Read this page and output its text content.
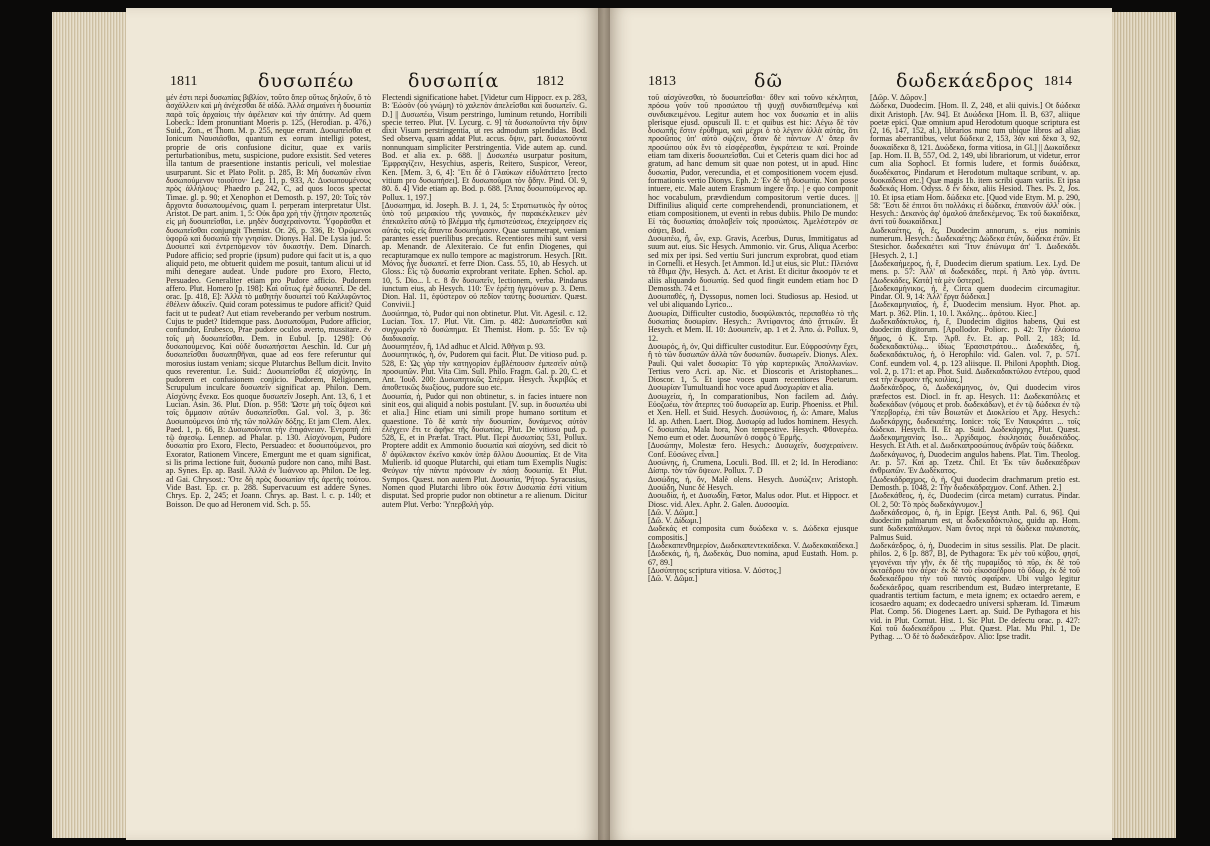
1811	δυσωπέω	δυσωπία	1812

μέν ἐστι περὶ δυσωπίας βιβλίον, τοῦτο ὅπερ οὕτως δηλοῦν, ὅ τὸ ἀσχάλλειν καὶ μὴ ἀνέχεσθαι δὲ αἰδῶ. Ἀλλὰ σημαίνει ἡ δυσωπία παρὰ τοῖς ἀρχαίοις τὴν ἀφέλειαν καὶ τὴν ἀπάτην. Ad quem Lobeck.: Idem pronuntiant Moeris p. 125, (Herodian. p. 476,) Suid., Zon., et Thom. M. p. 255, neque errant. Δυσωπεῖσθαι et Ionicum Ναυσιᾶσθαι, quantum ex eorum intelligi potest, proprie de oris confusione dicitur, quae ex variis perturbationibus, metu, suspicione, pudore exsistit. Sed veteres illa tantum de praesentione instantis periculi, vel molestiae usurparunt. Sic et Plato Polit. p. 285, B: Μὴ δυσωπῶν εἶναι δυσωπούμενον τοιοῦτον· Leg. 11, p. 933, A: Δυσωπουμένους πρὸς ἀλλήλους· Phaedro p. 242, C, ad quos locos spectat Timae. gl. p. 90; et Xenophon et Demosth. p. 197, 20: Τοῖς τὸν ἄρχοντα δυσωπουμένοις, quam I. perperam interpretatur Ulst. Aristot. De part. anim. 1, 5: Οὐκ ἄρα χρὴ τὴν ζήτησιν προπετῶς εἰς μὴ δυσωπεῖσθαι, i.e. μηδὲν δυσχεραίνοντα. Ὑφορᾶσθαι et δυσωπεῖσθαι conjungit Themist. Or. 26, p. 336, B: Ὁρώμενοι ὑφορῶ καὶ δυσωπῶ τὴν γνησίαν. Dionys. Hal. De Lysia jud. 5: Δυσωπεῖ καὶ ἐντρεπόμενον τὸν δικαστὴν. Dem. Dinarch. Pudore afficio; sed proprie (ipsum) pudore qui facit ut is, a quo aliquid peto, me obtuerit quidem me posuit, tantum alicui ut id mihi denegare audeat. Unde pudore pro Exoro, Flecto, Persuadeo. Generaliter etiam pro Pudore afficio. Pudorem affero. Plut. Homero [p. 198]: Καὶ οὕτως ἐμὲ δυσωπεῖ. De del. orac. [p. 418, E]: Ἀλλὰ τὸ μαθητὴν δυσωπεῖ τοῦ Καλλιφῶντος ἐθέλειν ἀδικεῖν. Quid coram potessimus te pudore afficit? Quid facit ut te pudeat? Aut etiam reveberando per verbum nostrum. Cujus te pudet? Itidemque pass. Δυσωποῦμαι, Pudore afficior, confundor, Erubesco, Prae pudore oculos averto, mussitare. ἐν τοῖς μὴ δυσωπεῖσθαι. Dem. in Eubul. [p. 1298]: Οὐ δυσωπούμενος. Καὶ οὐδὲ δυσωπήσεται Aeschin. Id. Cur μὴ δυσωπεῖσθαι δυσωπηθῆναι, quae ad eos fere referuntur qui morosius iustam veniam; sicque Plutarchus Bellum dicit. Invito quos reverentur. I.e. Suid.: Δυσωπεῖσθαι ἐξ αἰσχύνης. In pudorem et confusionem conjicio. Pudorem, Religionem, Scrupulum inculcare δυσωπεῖν significat ap. Philon. Dem. Αἰσχύνης ἕνεκα. Eos quoque δυσωπεῖν Joseph. Ant. 13, 6, 1 et Lucian. Asin. 36. Plut. Dion. p. 958: Ὥστε μὴ τοῖς ὄψεσι καὶ τοῖς ὄμμασιν αὐτῶν δυσωπεῖσθαι. Gal. vol. 3, p. 36: Δυσωπούμενοι ὑπὸ τῆς τῶν πολλῶν δόξης. Et jam Clem. Alex. Paed. 1, p. 66, B: Δυσωποῦνται τὴν ἐπιφάνειαν. Ἐντροπὴ ἐπὶ τῷ ἀφεσίῳ. Lennep. ad Phalar. p. 130. Αἰσχύνομαι, Pudore δυσωπία pro Exoro, Flecto, Persuadeo: et δυσωπούμενοι, pro Exorator, Rationem Vincere, Emergunt me et quam significat, si lis prima lectione fuit, δυσωπῶ pudore non cano, mihi Bast. ap. Synes. Ep. ap. Basil. Ἀλλὰ ἐν Ἰωάννου ap. Philon. De leg. ad Gai. Chrysost.: Ὅτε δὴ πρὸς δυσωπίαν τῆς ἀρετῆς τούτου. Vide Bast. Ep. cr. p. 288. Supervacuum est addere Synes. Chrys. Ep. 2, 245; et Joann. Chrys. ap. Bast. l. c. p. 140; et Boisson. De quo ad Heronem vid. Sch. p. 55.

Flectendi significatione habet. [Videtur cum Hippocr. ex p. 283, B: Ἑὼσὸν (οὐ γνώμη) τὸ χαλεπὸν ἀπελεῖσθαι καὶ δυσωπεῖν. G. D.] || Δυσωπέω, Visum perstringo, luminum retundo, Horribili specie terreo. Plut. [V. Lycurg. c. 9] τὰ δυσωποῦντα τὴν ὄψιν dixit Visum perstringentia, ut res admodum splendidas. Bod. Sed observa, quam addat Plut. accus. ὄψιν, part. δυσωποῦντα nonnunquam simpliciter Perstringentia. Vide autem ap. cund. Bod. et alia ex. p. 688. || Δυσωπέω usurpatur positum, Ἐμφραγίζειν, Hesychius, asperis, Reitero, Suspicor, Vereor, Ken. [Mem. 3, 6, 4]: Ἔτι δὲ ὁ Γλαύκων εἰδυλάττετο [recto vitium pro δυσωπήσει]. Et δυσωποῦμαι τὸν ᾅδην. Pind. Ol. 9, 80. δ. 4] Vide etiam ap. Bod. p. 688. [Ἅπας δυσωποῦμενος ap. Pollux. 1, 197.]
[Δυσωπημα, id. Joseph. B. J. 1, 24, 5: Στρατιωτικὸς ἦν οὐτος ὑπὸ τοῦ μειρακίου τῆς γυναικὸς, ἣν παρακέκλεικεν μὲν ἐπεκαλεῖτο αὐτῷ τὸ βλέμμα τῆς ἐμπιστεύσεως, ἐπεχείρησεν εἰς αὐτὰς τοῖς εἰς ἄπαντα δυσωπήμασιν. Quae summetrapt, veniam parantes esset puerilibus precatis. Recentiores mihi sunt versi ap. Menandr. de Alexiteraio. Ce fut enfin Diogenes, qui recapturamque ex nullo tempore ac magistrorum. Hesych. [Rtt. Μόνος ἦγε δυσωπεῖ. et ferre Dion. Cass. 55, 10, ab Hesych. ut Gloss.: Εἰς τῷ δυσωπία exprobrant veritate. Ephen. Schol. ap. 10, 5. Dio... l. c. 8 ἄν δυσωπεῖν, lectionem, verba. Pindarus iunctum eius, ab Hesych. 110: Ἐν ἐρέτῃ ἡγεμόνων p. 3. Dem. Dion. Hal. 11, ἐφύστερον οὐ πεδίον ταύτης δυσωπίαν. Quæst. Convivii.]
Δυσώπημα, τὸ, Pudor qui non obtinetur. Plut. Vit. Agesil. c. 12. Lucian. Tox. 17. Plut. Vit. Cim. p. 482: Δυσωπεῖσθαι καὶ συγχωρεῖν τὸ δυσώπημα. Et Themist. Hom. p. 55: Ἐν τῷ διαδικασίᾳ.
Δυσωπητέον, ἢ, 1Ad adhuc et Alcid. Ἀθῆναι p. 93.
Δυσωπητικός, ἡ, όν, Pudorem qui facit. Plut. De vitioso pud. p. 528, E: Ὡς γὰρ τὴν κατηγορίαν ἐμβλέπουσιν ἐμπεσεῖν αὐτῷ προσωπῶν. Plut. Vita Cim. Sull. Philo. Fragm. Gal. p. 20, C. et Ant. Ἰουδ. 200: Δυσωπητικῶς Σπέρμα. Hesych. Ἀκριβῶς et ἀποθετικῶς διωξίους, pudore suo etc.
Δυσωπία, ἡ, Pudor qui non obtinetur, s. in facies intuere non sinit eos, qui aliquid a nobis postulant. [V. sup. in δυσωπέω ubi et alia.] Hinc etiam uni simili prope humano sortitum et quaestione. Τὸ δὲ κατὰ τὴν δυσωπίαν, δυνάμενος αὐτὸν ἐλέγχειν ἔτι τε ἀφῆκε τῆς δυσωπίας. Plut. De vitioso pud. p. 528, E, et in Præfat. Tract. Plut. Περὶ Δυσωπίας 531, Pollux. Proptere addit ex Ammonio δυσωπία καὶ αἰσχύνη, sed dicit τὸ δ' ἀφύλακτον ἐκεῖνο κακὸν ὑπὲρ ἄλλου Δυσωπίας. Et de Vita Mulierib. id quoque Plutarchi, qui etiam tum Exemplis Nugis: Φεύγων τὴν πάντα πρόνοιαν ἐν πάσῃ δυσωπίᾳ. Et Plut. Sympos. Quæst. non autem Plut. Δυσωπία, 'Ρήτορ. Syracusius, Nomen quod Plutarchi libro οὐκ ἔστιν Δυσωπία ἐστὶ vitium disputat. Sed proprie pudor non obtinetur a re alienum. Dicitur autem Plut. Verbo: Ὑπερβολὴ γὰρ.

1813	δῶ	δωδεκάεδρος 1814

τοῦ αἰσχύνεσθαι, τὸ δυσωπεῖσθαι· ὅθεν καὶ τοῦνο κέκληται, πρόσω γοῦν τοῦ προσώπου τῇ ψυχῇ συνδιατιθεμένῳ καὶ συνδιακειμένου. Legitur autem hoc vox δυσωπία et in aliis plerisque ejusd. opusculi II. t: et quibus est hic: Λέγω δὲ τὸν δυσωπῆς ἔστιν ἐρύθημα, καὶ μέχρι ὁ τὸ λέγειν ἀλλὰ αὐτὰς, ὅτι προσῶπος ὑπ' αὐτὸ σῴζειν, ὅταν δὲ πάντων Λ' ὅπερ ἄν προσώπου οὐκ ἔνι τὸ εἰσφέρεσθαι, ἐγκράτεια τε καί. Proinde etiam tam dixeris δυσωπεῖσθαι. Cui et Ceteris quam dici hoc ad gratum, ad hanc demum sit quae non potest, ut in apud. Hinc δυσωπία, Pudor, verecundia, et et compositionem vocem ejusd. formationis vertio Dionys. Eph. 2: Ἐν δὲ τῇ δυσωπίᾳ. Non posse intuere, etc. Male autem Erasmum ingere ἄτρ. | e quo componit hoc vocabulum, prævdiendum compositorum vertie duces. || Diffinilius aliquid certe comprehendendi, pronunciationem, et etiam compositionem, ut eventi in rebus dubiis. Philo De mundo: Εἰ τὰς δυσωπίας ἀπολαβεῖν τοῖς προσώποις. Ἀμελέστερόν σε σάψει, Bod.
Δυσωπέω, ἢ, ὦν, exp. Gravis, Acerbus, Durus, Immitigatus ad suum aut. eius. Sic Hesych. Ammonio. vir. Grus, Aliqua Acerbo: sed mix per ipsi. Sed vertiu Suri juncrum exprobrat, quod etiam in Cornelli. et Hesych. [et Ammon. Id.] ut eius, sic Plut.: Πλειόνα τὰ ἔθιμα ζῆν, Hesych. Δ. Act. et Arist. Et dicitur ἄκοσμόν τε et aliis aliquando δυσωπίᾳ. Sed quod fingit eundem etiam hoc D Demossth. 74 et 1.
Δυσωπαθές, ἡ, Dyssopus, nomen loci. Studiosus ap. Hesiod. ut vel ubi aliquando Lyrico...
Δυσωρία, Difficulter custodio, δυσφύλακτός, περιπαθέω τὸ τῆς δυσωπίας δυσωρίαν. Hesych.: Ἀντίφαντος ἀπὸ ἄττικῶν. Et Hesych. et Mem. II. 10: Δυσωπεῖν, ap. 1 et 2. Ἀπο. ὦ. Pollux. 9, 12.
Δυσωρός, ἡ, ὀν, Qui difficulter custoditur. Eur. Εὐφροσύνην ἔχει, ἣ τὸ τῶν δυσωπῶν ἀλλὰ τῶν δυσωπῶν. δυσωρεῖν. Dionys. Alex. Pauli. Qui valet δυσωρία: Τὸ γὰρ καρτερικῶς Ἀπολλωνίων. Tertius vero Acri. ap. Nic. et Dioscoris et Aristophanes... Dioscor. 1, 5. Et ipse voces quam recentiores Poetarum. Δυσωρίαν Tumultuandi hoc voce apud Δυσχωρίαν et alia.
Δυσωχεία, ἡ, In comparationibus, Non facilem ad. Διάγ. Εὐοζωέω, τὸν ἄτερπες τοῦ δυσωρεῖα ap. Eurip. Phoeniss. et Phil. et Xen. Hell. et Suid. Hesych. Δυσώνοιος, ἡ, ὦ: Amare, Malus Id. ap. Athen. Laert. Diog. Δυσωρίᾳ ad ludos hominem. Hesych. C δυσωπέω, Mala hora, Non tempestive. Hesych. Φθονερέω. Nemo eum et oder. Δυσωπῶν ὁ σοφὸς ὁ Ἑρμῆς.
[Δυσώπην, Molestæ fero. Hesych.: Δυσωχεῖν, δυσχεραίνειν. Conf. Εὐσώνες εἶναι.]
Δυσώνης, ἡ, Crumena, Loculi. Bod. Ill. et 2; Id. In Herodiano: Δίσπρ. τὸν τῶν ὄψεων. Pollux. 7. D
Δυσώδης, ἡ, ὅν, Malè olens. Hesych. Δυσώζειν; Aristoph. Δυσώδη, Nunc δὲ Hesych.
Δυσωδία, ἡ, et Δυσωδίη, Fœtor, Malus odor. Plut. et Hippocr. et Diosc. vid. Alex. Aphr. 2. Galen. Δυσοσμία.
[Δῶ. V. Δῶμα.]
[Δῶ. V. Δίδωμι.]
Δωδεκάς et composita cum δυώδεκα v. s. Δώδεκα ejusque compositis.]
[Δωδεκαπενθημερίον, Δωδεκαπεντεκαίδεκα. V. Δωδεκακαίδεκα.]
[Δωδεκάς, ἡ, ἡ, Δωδεκάς, Duo nomina, apud Eustath. Hom. p. 67, 89.]
[Δυσύπητος scriptura vitiosa. V. Δύστος.]
[Δῶ. V. Δῶμα.]

[Δῶρ. V. Δῶρον.]
Δώδεκα, Duodecim. [Hom. Il. Z, 248, et alii quivis.] Ot δώδεκα dixit Aristoph. [Av. 94]. Et Δυώδεκα [Hom. Il. B, 637, aliique poetæ epici. Quæ omnium apud Herodotum quoque scriptura est (2, 16, 147, 152, al.), librarios nunc tum ubique libros ad alias formas aberrantibus, velut δώδεκα 2, 153, 3ἀν καὶ δὲκα 3, 92, δυωκαίδεκα 8, 121. Δυώδεκα, forma vitiosa, in Gl.] || Δωκαίδεκα [ap. Hom. II. B, 557, Od. 2, 149, ubi librariorum, ut videtur, error cum alia Sophocl. Et formis ludere, et formis δυώδεκα, δυωδέκατος, Pindarum et Herodotum multaque scribunt, v. ap. δυοκαίδεκα etc.] Quæ magis 1b. item scribi quam variis. Et ipsa δωδεκάς Hom. Odyss. δ ἐν δέκα, aliis Hesiod. Thes. Ps. 2, Jos. 10. Et ipsa etiam Hom. δώδεκα etc. [Quod vide Etym. M. p. 290, 58: Ἔστι δὲ ἐπιτοι ὅτι πολλάκις εἰ δώδεκα, ἐπαινοῦν ἀλλ' οὐκ. | Hesych.: Δεκανὸς ἀφ' ὁμαλοῦ ἀπεδεκέμενος. Ἐκ τοῦ δωκαίδεκα, ἀντὶ τοῦ δυωκαίδεκα.]
Δωδεκαέτης, ἡ, ἔς, Duodecim annorum, s. ejus nominis numerum. Hesych.: Δωδεκαέτης: Δώδεκα ἐτῶν, δώδεκα ἐτῶν. Et Stesichor. δωδεκαέτει καὶ Ἴτυν ἐπώνυμα ἀπ' Ἰ. Δωδεκάδι. [Hesych. 2, 1.]
[Δωδεκαήμερος, ἡ, ἔ, Duodecim dierum spatium. Lex. Lyd. De mens. p. 57: Ἀλλ' αἱ δωδεκάδες, περί. ἡ Ἀπὸ γὰρ. ἀντιτι. [Δωδεκάδες, Κατὰ] τὰ μὲν ὕστερα].
[Δωδεκαμήνικος, ἡ, ἔ, Circa quem duodecim circumagitur. Pindar. Ol. 9, 14: Ἀλλ' ἔργα δώδεκα.]
[Δωδεκαμηνιαῖος, ἡ, ἔ, Duodecim mensium. Hyor. Phot. ap. Mart. p. 362. Plin. 1, 10. l. Ἀκόλης... ἀρότου. Kiec.]
Δωδεκαδάκτυλος, ἡ, ἔ, Duodecim digitos habens, Qui est duodecim digitorum. [Apollodor. Poliorc. p. 42: Τὴν ἐλάσσω δῆμος, ὁ Κ. Στρ. Ἀρθ. ἔν. Et. ap. Poll. 2, 183; Id. δωδεκαδακτύλῳ... ἰδίως Ἐρασιστράτου... Δωδεκάδες, ἡ, δωδεκαδάκτυλος, ἡ, ὁ Herophilo: vid. Galen. vol. 7, p. 571. Conf. eundem vol. 4, p. 123 aliisque. II. Philoni Apophth. Diog. vol. 2, p. 171: et ap. Phot. Suid. Δωδεκαδακτύλου ἐντέρου, quod est τὴν ἔκφυσιν τῆς κοιλίας.]
Δωδεκάεδρος, ὁ, Δωδεκάμηνος, ὀν, Qui duodecim viros præfectos est. Diocl. in fr. ap. Hesych. 11: Δωδεκαπόλεις et δωδεκάδων (νόμους et prob. δωδεκάδων), et ἐν τῷ δώδεκα ἐν τῷ Ὑπερβορέῳ, ἐπὶ τῶν Βοιωτῶν et Διοκλείου et Ἀρχ. Hesych.: Δωδεκάρχης, δωδεκαέτης. Ionice: τοῖς Ἐν Ναυκράτει ... τοῖς δώδεκα. Hesych. II. Et ap. Suid. Δωδεκάρχης, Plut. Quæst. Δωδεκαμηχανίας Iso... Ἀρχίδαμος. ἐκκλησιὰς δυωδεκάδος. Hesych. Et Ath. et al. Δωδεκαπροσώπους ἀνδρῶν τοὺς δώδεκα.
Δωδεκάγωνος, ἡ, Duodecim angulos habens. Plat. Tim. Theolog. Ar. p. 57. Καὶ ap. Tzetz. Chil. Et Ἐκ τῶν δωδεκαέδρων ἀνθρωπῶν. Ἐν Δωδέκατος.
[Δωδεκάδραχμος, ὁ, ἡ, Qui duodecim drachmarum pretio est. Demosth. p. 1048, 2: Τὴν δωδεκάδραχμον. Conf. Athen. 2.]
[Δωδεκάθεος, ἡ, ἐς, Duodecim (circa metam) curratus. Pindar. Ol. 2, 50: Τὸ πρὸς δωδεκάγνυμον.]
Δωδεκάδεσμος, ὁ, ἡ, in Epigr. [Eeyst Anth. Pal. 6, 96]. Qui duodecim palmarum est, ut δωδεκαδάκτυλος, quidu ap. Hom. sunt δωδεκαπάλαμον. Nam ὄντος περὶ τὰ δώδεκα παλαιστὰς, Palmus Suid.
Δωδεκάεδρος, ὁ, ἡ, Duodecim in situs sessilis. Plat. De placit. philos. 2, 6 [p. 887, B], de Pythagora: Ἐκ μὲν τοῦ κύβου, φησί, γεγονέναι τὴν γῆν, ἐκ δὲ τῆς πυραμίδος τὸ πῦρ, ἐκ δὲ τοῦ ὀκταέδρου τὸν ἀέρα· ἐκ δὲ τοῦ εἰκοσαέδρου τὸ ὕδωρ, ἐκ δὲ τοῦ δωδεκαέδρου τὴν τοῦ παντὸς σφαῖραν. Ubi vulgo legitur δωδεκάεδρος, quam rescribendum est, Budæo interpretante, E quadrantis tertium factum, e meta ignem; ex octaedro aerem, e icosaedro aquam; ex dodecaedro universi sphæram. Id. Timæum Plat. Comp. 56. Diogenes Laert. ap. Suid. De Pythagora et his vid. in Plut. Cornut. Hist. 1. Sic Plut. De defectu orac. p. 427: Καὶ τοῦ δωδεκαέδρου ... Plut. Quæst. Plat. Mu Phil. 1, De Pythag. ... Ὁ δὲ τὸ δωδεκάεδρον. Alio: Ipse tradit.
